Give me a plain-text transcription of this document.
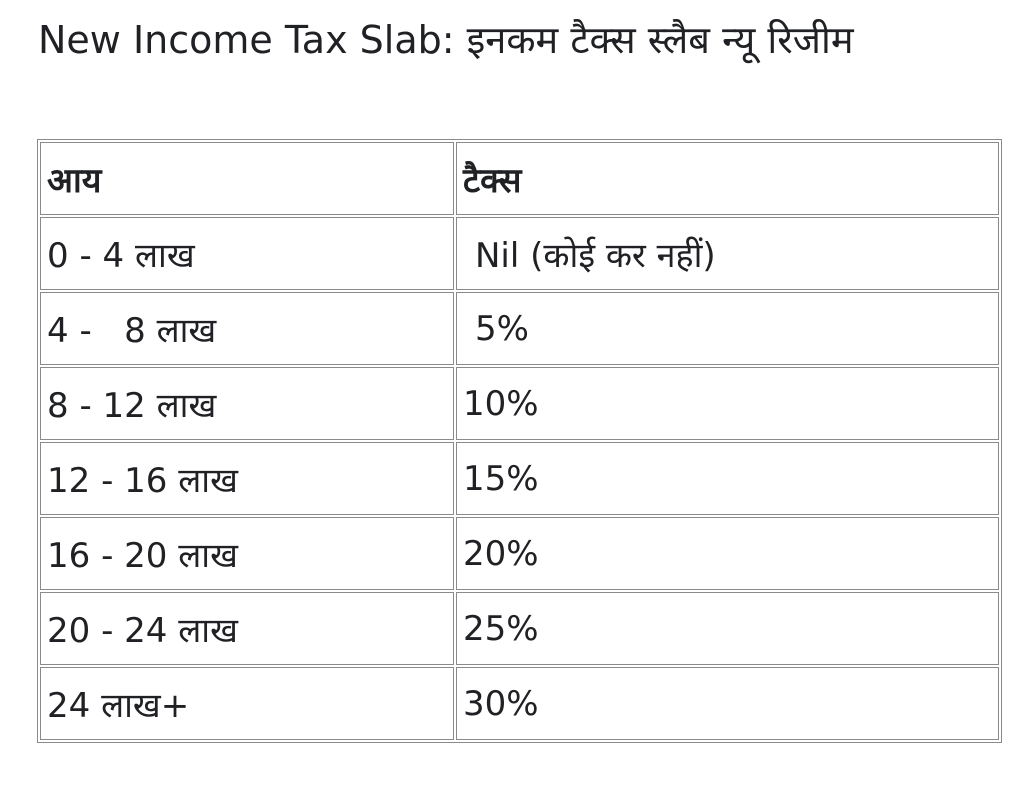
New Income Tax Slab: इनकम टैक्स स्लैब न्यू रिजीम
आय	टैक्स
0 - 4 लाख	Nil (कोई कर नहीं)
4 -   8 लाख	5%
8 - 12 लाख	10%
12 - 16 लाख	15%
16 - 20 लाख	20%
20 - 24 लाख	25%
24 लाख+	30%
